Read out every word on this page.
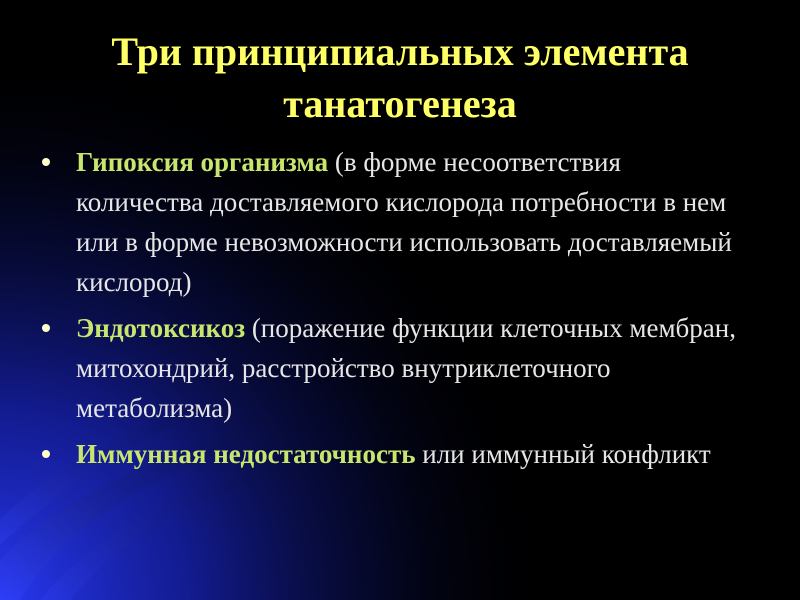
Три принципиальных элемента танатогенеза
Гипоксия организма (в форме несоответствия количества доставляемого кислорода потребности в нем или в форме невозможности использовать доставляемый кислород)
Эндотоксикоз (поражение функции клеточных мембран, митохондрий, расстройство внутриклеточного метаболизма)
Иммунная недостаточность или иммунный конфликт
